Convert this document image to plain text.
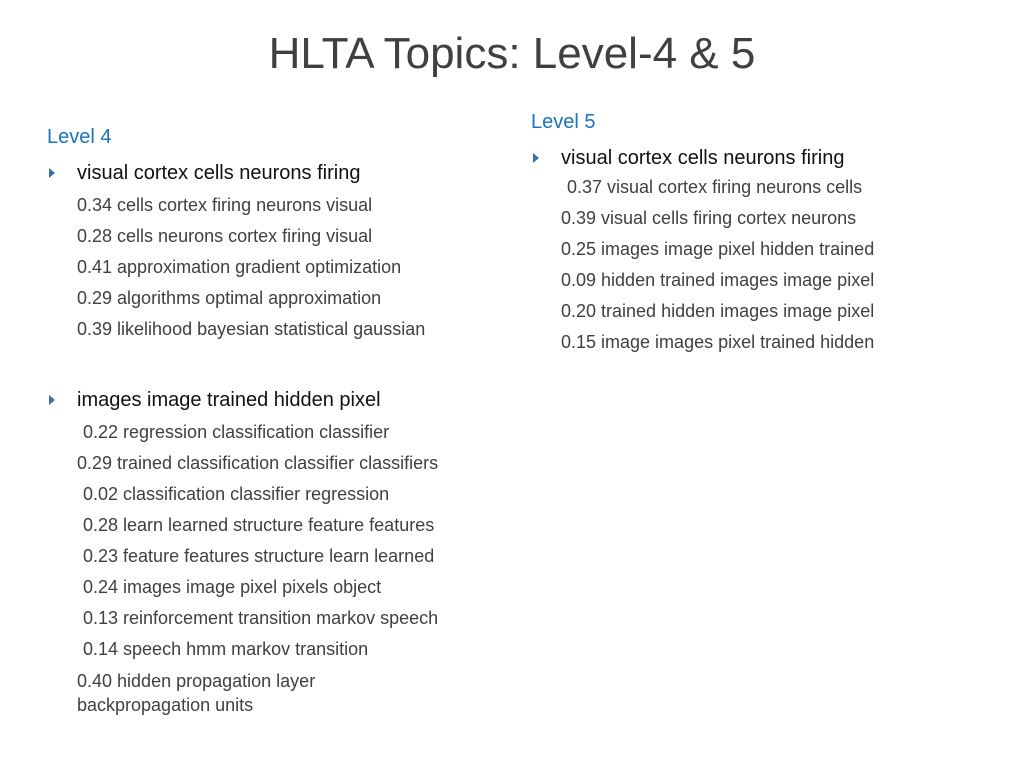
HLTA Topics: Level-4 & 5
Level 4
visual cortex cells neurons firing
0.34 cells cortex firing neurons visual
0.28 cells neurons cortex firing visual
0.41 approximation gradient optimization
0.29 algorithms optimal approximation
0.39 likelihood bayesian statistical gaussian
images image trained hidden pixel
0.22 regression classification classifier
0.29 trained classification classifier classifiers
0.02 classification classifier regression
0.28 learn learned structure feature features
0.23 feature features structure learn learned
0.24 images image pixel pixels object
0.13 reinforcement transition markov speech
0.14 speech hmm markov transition
0.40 hidden propagation layer backpropagation units
Level 5
visual cortex cells neurons firing
0.37 visual cortex firing neurons cells
0.39 visual cells firing cortex neurons
0.25 images image pixel hidden trained
0.09 hidden trained images image pixel
0.20 trained hidden images image pixel
0.15 image images pixel trained hidden
